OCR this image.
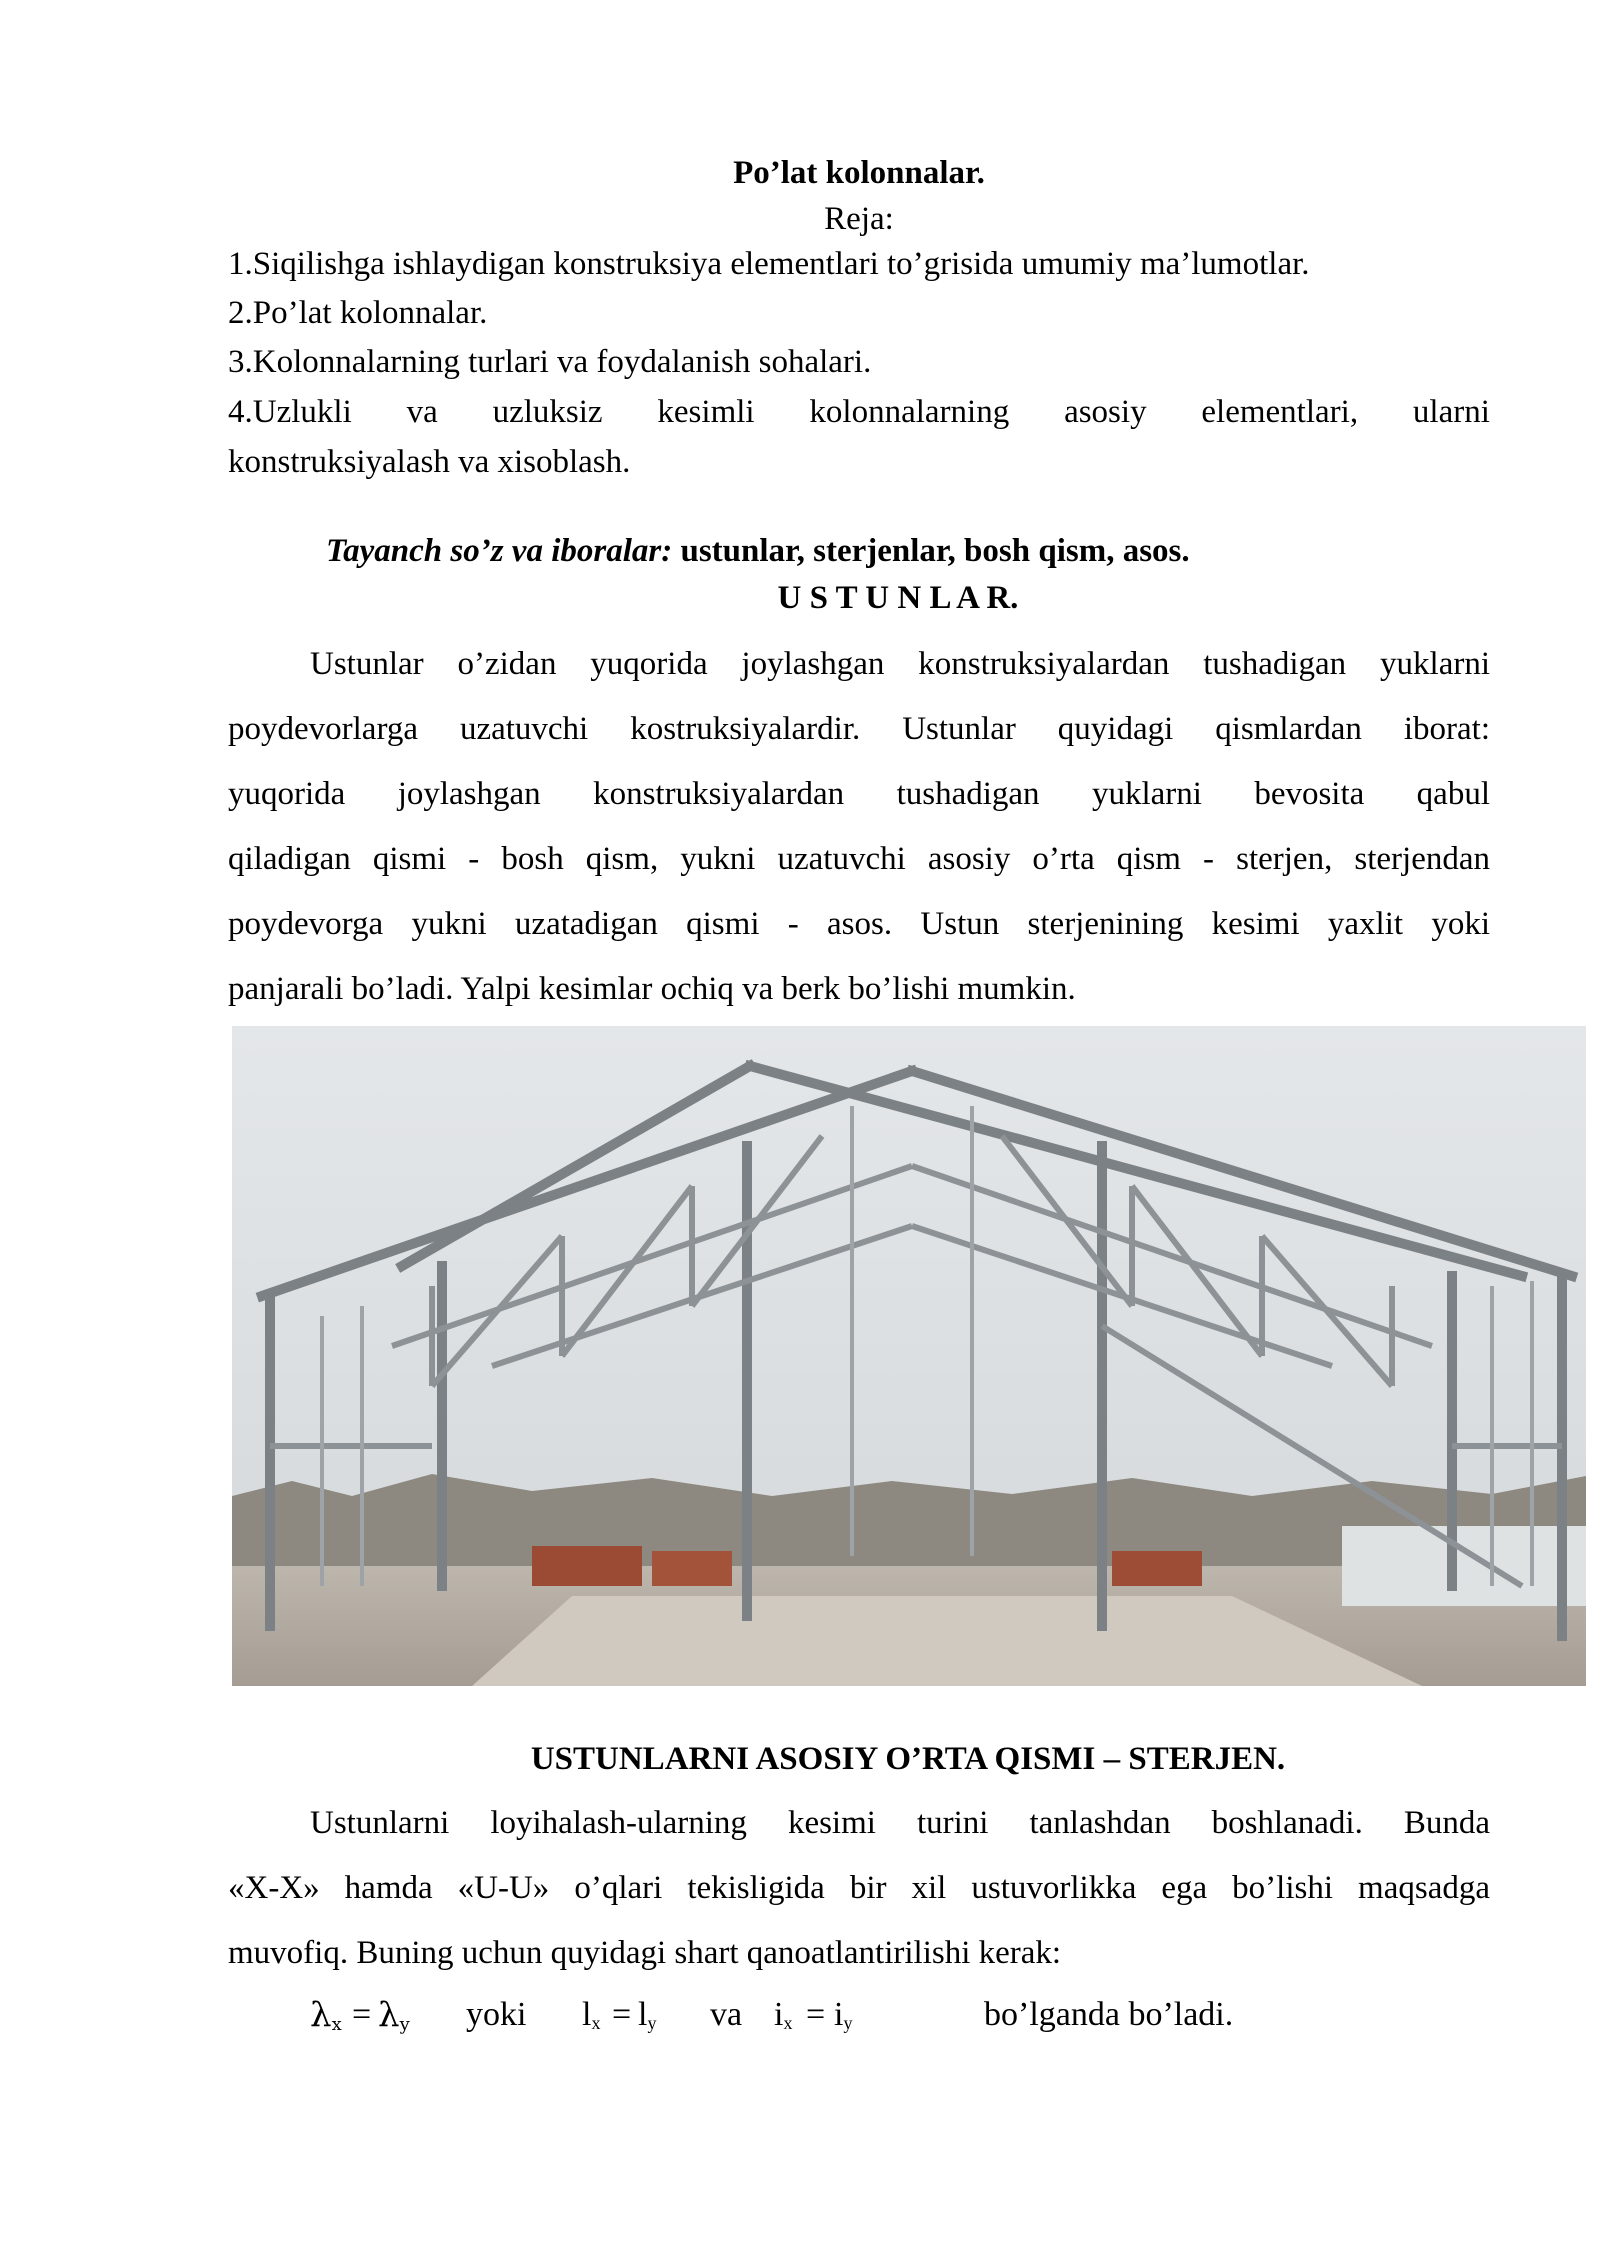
Po’lat kolonnalar.
Reja:
1.Siqilishga ishlaydigan konstruksiya elementlari to’grisida umumiy ma’lumotlar.
2.Po’lat kolonnalar.
3.Kolonnalarning turlari va foydalanish sohalari.
4.Uzlukli va uzluksiz kesimli kolonnalarning asosiy elementlari, ularni
konstruksiyalash va xisoblash.
Tayanch so’z va iboralar: ustunlar, sterjenlar, bosh qism, asos.
U S T U N L A R.
Ustunlar o’zidan yuqorida joylashgan konstruksiyalardan tushadigan yuklarni
poydevorlarga uzatuvchi kostruksiyalardir. Ustunlar quyidagi qismlardan iborat:
yuqorida joylashgan konstruksiyalardan tushadigan yuklarni bevosita qabul
qiladigan qismi - bosh qism, yukni uzatuvchi asosiy o’rta qism - sterjen, sterjendan
poydevorga yukni uzatadigan qismi - asos. Ustun sterjenining kesimi yaxlit yoki
panjarali bo’ladi. Yalpi kesimlar ochiq va berk bo’lishi mumkin.
USTUNLARNI ASOSIY O’RTA QISMI – STERJEN.
Ustunlarni loyihalash-ularning kesimi turini tanlashdan boshlanadi. Bunda
«X-X» hamda «U-U» o’qlari tekisligida bir xil ustuvorlikka ega bo’lishi maqsadga
muvofiq. Buning uchun quyidagi shart qanoatlantirilishi kerak:
$\lambda_x = \lambda_y$ yoki $l_x = l_y$ va $i_x = i_y$	bo’lganda bo’ladi.
